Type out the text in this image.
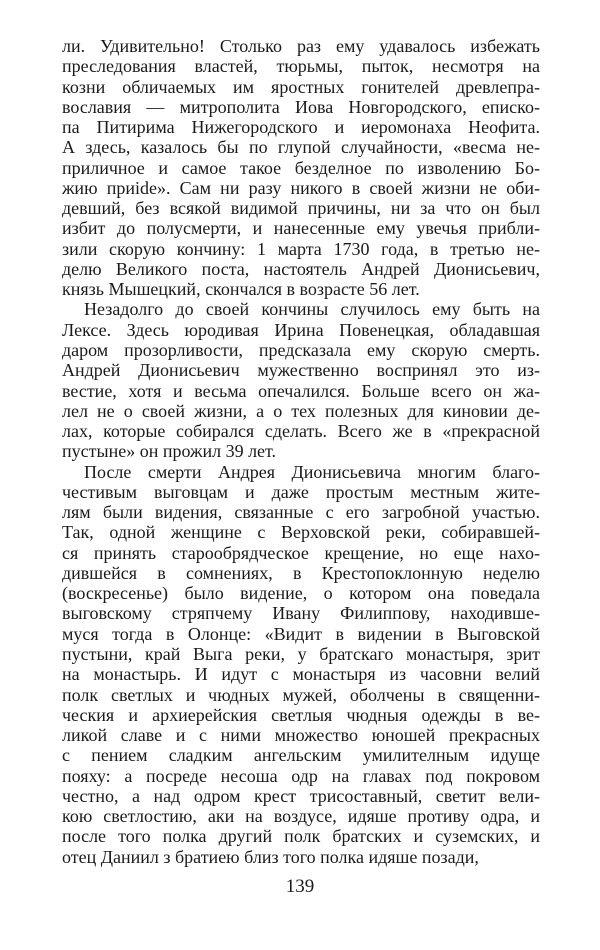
ли. Удивительно! Столько раз ему удавалось избежать
преследования властей, тюрьмы, пыток, несмотря на
козни обличаемых им яростных гонителей древлепра-
вославия — митрополита Иова Новгородского, еписко-
па Питирима Нижегородского и иеромонаха Неофита.
А здесь, казалось бы по глупой случайности, «весма не-
приличное и самое такое безделное по изволению Бо-
жию приide». Сам ни разу никого в своей жизни не оби-
девший, без всякой видимой причины, ни за что он был
избит до полусмерти, и нанесенные ему увечья прибли-
зили скорую кончину: 1 марта 1730 года, в третью не-
делю Великого поста, настоятель Андрей Дионисьевич,
князь Мышецкий, скончался в возрасте 56 лет.
Незадолго до своей кончины случилось ему быть на
Лексе. Здесь юродивая Ирина Повенецкая, обладавшая
даром прозорливости, предсказала ему скорую смерть.
Андрей Дионисьевич мужественно воспринял это из-
вестие, хотя и весьма опечалился. Больше всего он жа-
лел не о своей жизни, а о тех полезных для киновии де-
лах, которые собирался сделать. Всего же в «прекрасной
пустыне» он прожил 39 лет.
После смерти Андрея Дионисьевича многим благо-
честивым выговцам и даже простым местным жите-
лям были видения, связанные с его загробной участью.
Так, одной женщине с Верховской реки, собиравшей-
ся принять старообрядческое крещение, но еще нахо-
дившейся в сомнениях, в Крестопоклонную неделю
(воскресенье) было видение, о котором она поведала
выговскому стряпчему Ивану Филиппову, находивше-
муся тогда в Олонце: «Видит в видении в Выговской
пустыни, край Выга реки, у братскаго монастыря, зрит
на монастырь. И идут с монастыря из часовни велий
полк светлых и чюдных мужей, оболчены в священни-
ческия и архиерейския светлыя чюдныя одежды в ве-
ликой славе и с ними множество юношей прекрасных
с пением сладким ангельским умилителным идуще
пояху: а посреде несоша одр на главах под покровом
честно, а над одром крест трисоставный, светит вели-
кою светлостию, аки на воздусе, идяше противу одра, и
после того полка другий полк братских и суземских, и
отец Даниил з братиею близ того полка идяше позади,
139
